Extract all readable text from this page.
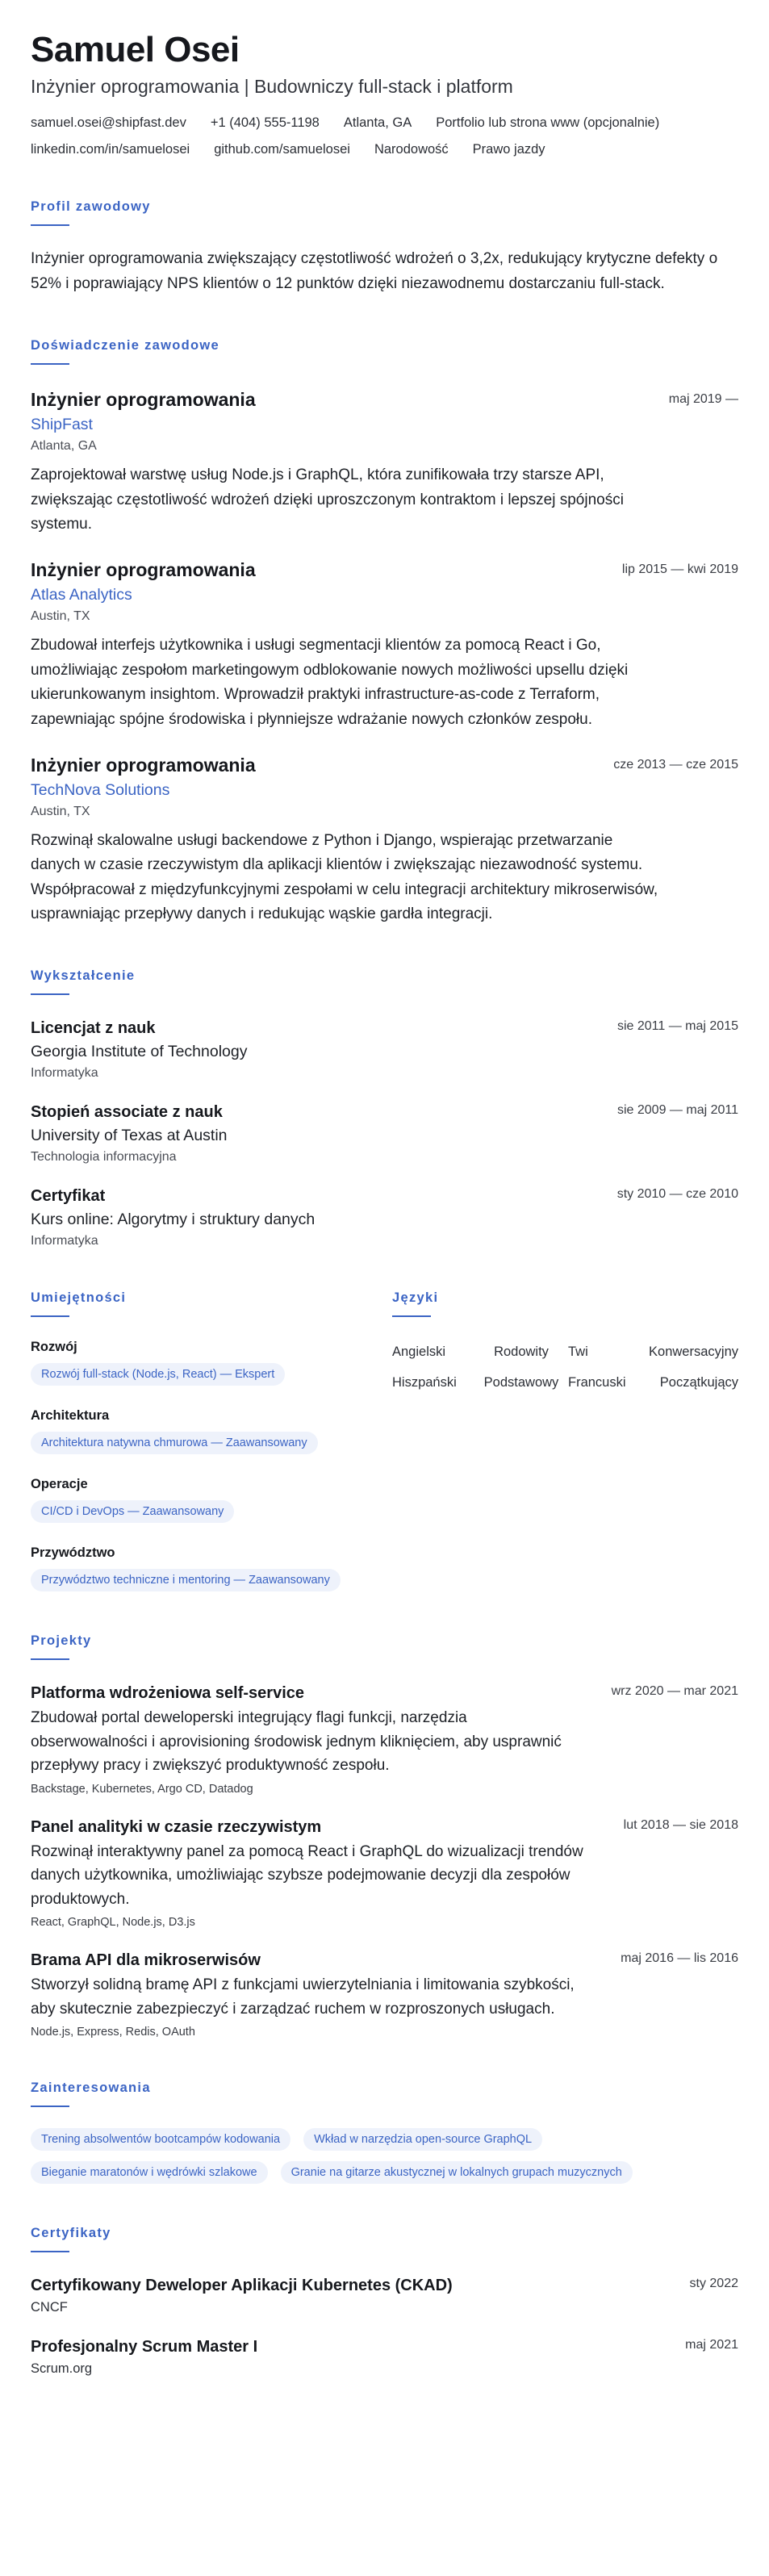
Samuel Osei
Inżynier oprogramowania | Budowniczy full-stack i platform
samuel.osei@shipfast.dev +1 (404) 555-1198 Atlanta, GA Portfolio lub strona www (opcjonalnie)
linkedin.com/in/samuelosei github.com/samuelosei Narodowość Prawo jazdy
Profil zawodowy
Inżynier oprogramowania zwiększający częstotliwość wdrożeń o 3,2x, redukujący krytyczne defekty o 52% i poprawiający NPS klientów o 12 punktów dzięki niezawodnemu dostarczaniu full-stack.
Doświadczenie zawodowe
Inżynier oprogramowania	maj 2019 —
ShipFast
Atlanta, GA
Zaprojektował warstwę usług Node.js i GraphQL, która zunifikowała trzy starsze API, zwiększając częstotliwość wdrożeń dzięki uproszczonym kontraktom i lepszej spójności systemu.
Inżynier oprogramowania	lip 2015 — kwi 2019
Atlas Analytics
Austin, TX
Zbudował interfejs użytkownika i usługi segmentacji klientów za pomocą React i Go, umożliwiając zespołom marketingowym odblokowanie nowych możliwości upsellu dzięki ukierunkowanym insightom. Wprowadził praktyki infrastructure-as-code z Terraform, zapewniając spójne środowiska i płynniejsze wdrażanie nowych członków zespołu.
Inżynier oprogramowania	cze 2013 — cze 2015
TechNova Solutions
Austin, TX
Rozwinął skalowalne usługi backendowe z Python i Django, wspierając przetwarzanie danych w czasie rzeczywistym dla aplikacji klientów i zwiększając niezawodność systemu. Współpracował z międzyfunkcyjnymi zespołami w celu integracji architektury mikroserwisów, usprawniając przepływy danych i redukując wąskie gardła integracji.
Wykształcenie
Licencjat z nauk	sie 2011 — maj 2015
Georgia Institute of Technology
Informatyka
Stopień associate z nauk	sie 2009 — maj 2011
University of Texas at Austin
Technologia informacyjna
Certyfikat	sty 2010 — cze 2010
Kurs online: Algorytmy i struktury danych
Informatyka
Umiejętności
Rozwój
Rozwój full-stack (Node.js, React) — Ekspert
Architektura
Architektura natywna chmurowa — Zaawansowany
Operacje
CI/CD i DevOps — Zaawansowany
Przywództwo
Przywództwo techniczne i mentoring — Zaawansowany
Języki
Angielski	Rodowity	Twi	Konwersacyjny
Hiszpański	Podstawowy Francuski	Początkujący
Projekty
Platforma wdrożeniowa self-service	wrz 2020 — mar 2021
Zbudował portal deweloperski integrujący flagi funkcji, narzędzia obserwowalności i aprovisioning środowisk jednym kliknięciem, aby usprawnić przepływy pracy i zwiększyć produktywność zespołu.
Backstage, Kubernetes, Argo CD, Datadog
Panel analityki w czasie rzeczywistym	lut 2018 — sie 2018
Rozwinął interaktywny panel za pomocą React i GraphQL do wizualizacji trendów danych użytkownika, umożliwiając szybsze podejmowanie decyzji dla zespołów produktowych.
React, GraphQL, Node.js, D3.js
Brama API dla mikroserwisów	maj 2016 — lis 2016
Stworzył solidną bramę API z funkcjami uwierzytelniania i limitowania szybkości, aby skutecznie zabezpieczyć i zarządzać ruchem w rozproszonych usługach.
Node.js, Express, Redis, OAuth
Zainteresowania
Trening absolwentów bootcampów kodowania	Wkład w narzędzia open-source GraphQL
Bieganie maratonów i wędrówki szlakowe	Granie na gitarze akustycznej w lokalnych grupach muzycznych
Certyfikaty
Certyfikowany Deweloper Aplikacji Kubernetes (CKAD)	sty 2022
CNCF
Profesjonalny Scrum Master I	maj 2021
Scrum.org
